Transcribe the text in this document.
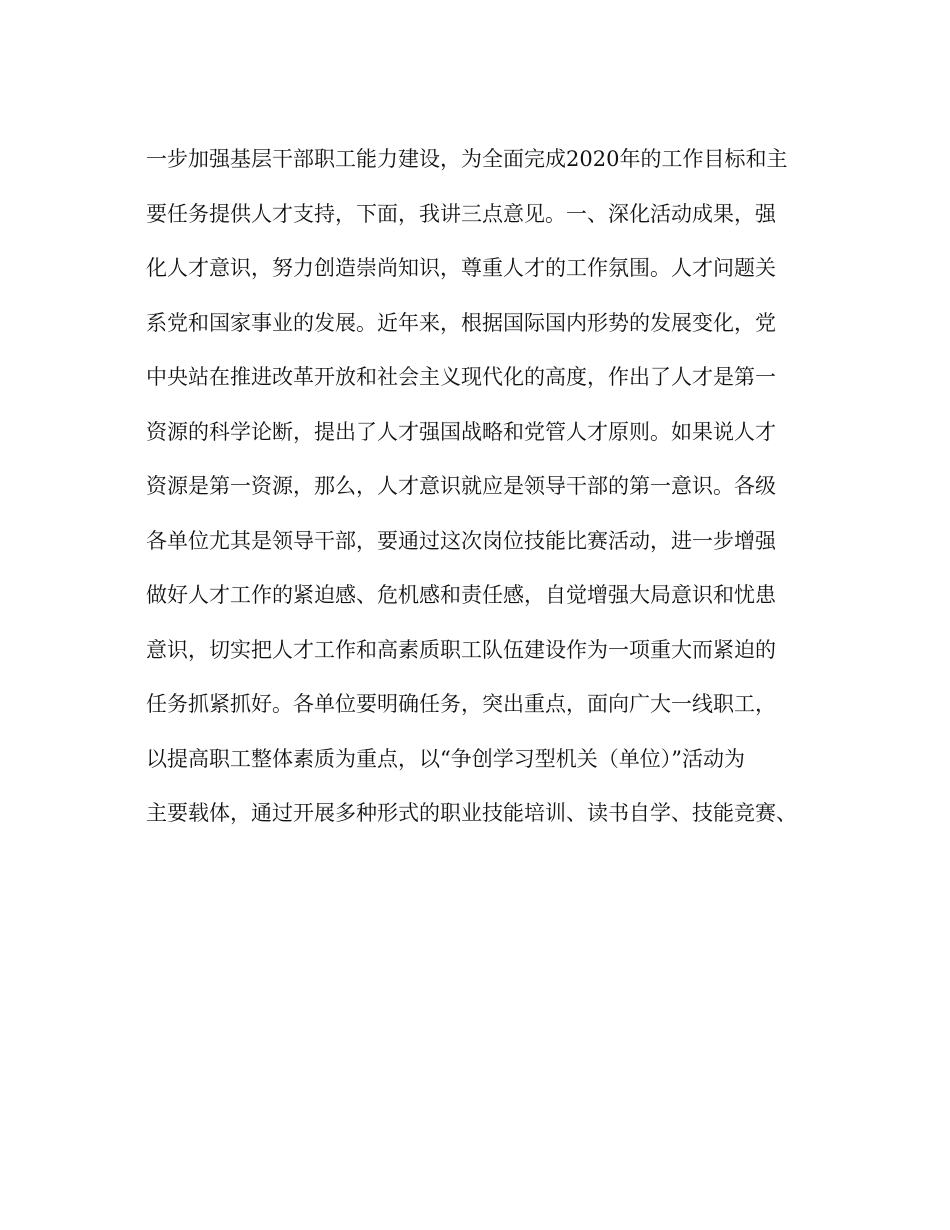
一步加强基层干部职工能力建设，为全面完成2020年的工作目标和主
要任务提供人才支持，下面，我讲三点意见。一、深化活动成果，强
化人才意识，努力创造崇尚知识，尊重人才的工作氛围。人才问题关
系党和国家事业的发展。近年来，根据国际国内形势的发展变化，党
中央站在推进改革开放和社会主义现代化的高度，作出了人才是第一
资源的科学论断，提出了人才强国战略和党管人才原则。如果说人才
资源是第一资源，那么，人才意识就应是领导干部的第一意识。各级
各单位尤其是领导干部，要通过这次岗位技能比赛活动，进一步增强
做好人才工作的紧迫感、危机感和责任感，自觉增强大局意识和忧患
意识，切实把人才工作和高素质职工队伍建设作为一项重大而紧迫的
任务抓紧抓好。各单位要明确任务，突出重点，面向广大一线职工，
以提高职工整体素质为重点，以“争创学习型机关（单位）”活动为
主要载体，通过开展多种形式的职业技能培训、读书自学、技能竞赛、
